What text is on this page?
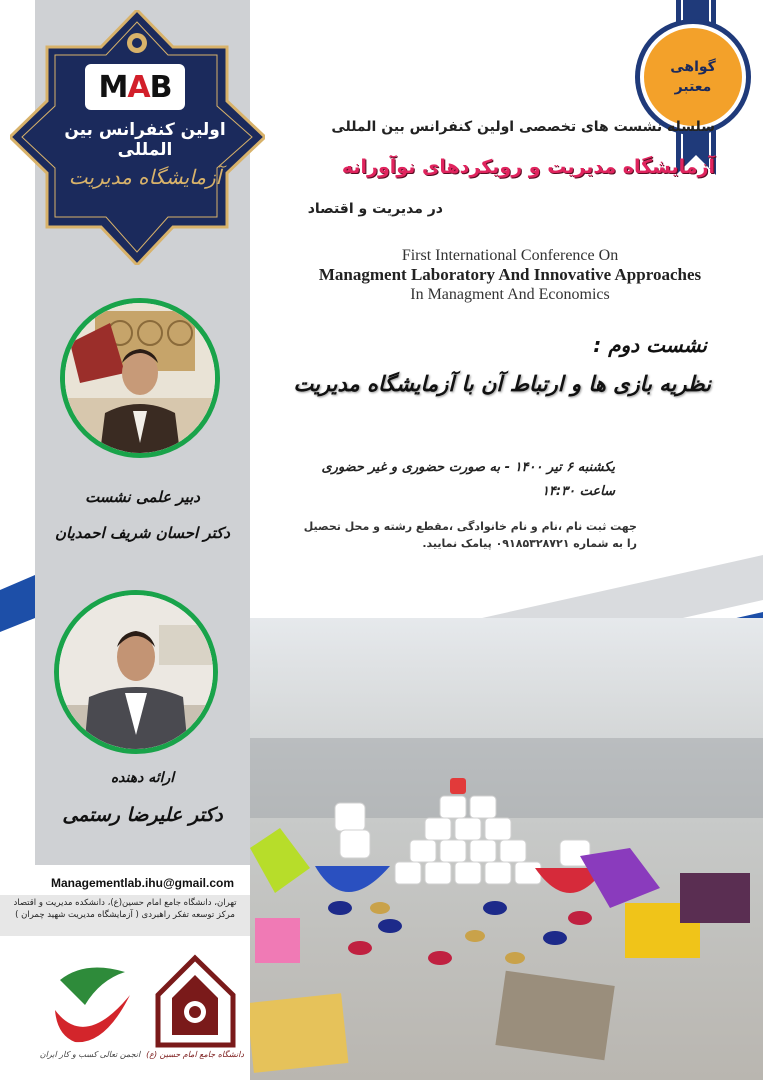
MAB
اولین کنفرانس بین المللی
آزمایشگاه مدیریت
گواهی
معتبر
سلسله نشست های تخصصی اولین کنفرانس بین المللی
آزمایشگاه مدیریت و رویکردهای نوآورانه
در مدیریت و اقتصاد
First International Conference On
Managment Laboratory And Innovative Approaches
In Managment And Economics
نشست دوم :
نظریه بازی ها و ارتباط آن با آزمایشگاه مدیریت
یکشنبه ۶ تیر ۱۴۰۰ - به صورت حضوری و غیر حضوری
ساعت ۱۴:۳۰
جهت ثبت نام ،نام و نام خانوادگی ،مقطع رشته و محل تحصیل
را به شماره ۰۹۱۸۵۳۲۸۷۲۱ پیامک نمایید.
دبیر علمی نشست
دکتر احسان شریف احمدیان
ارائه دهنده
دکتر علیرضا رستمی
Managementlab.ihu@gmail.com
تهران، دانشگاه جامع امام حسین(ع)، دانشکده مدیریت و اقتصاد
مرکز توسعه تفکر راهبردی ( آزمایشگاه مدیریت شهید چمران )
انجمن تعالی کسب و کار ایران دانشگاه جامع امام حسین (ع)
